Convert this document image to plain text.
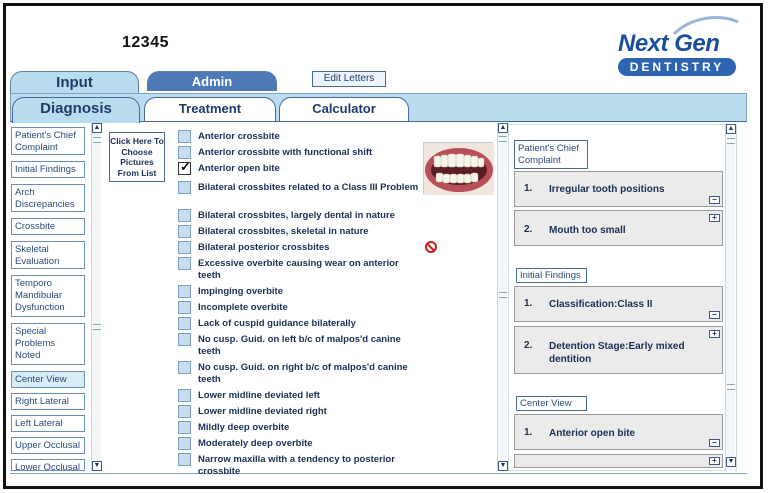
12345	Next Gen
DENTISTRY
Input	Admin	Edit Letters
Diagnosis	Treatment	Calculator
Patient's Chief Complaint
Initial Findings
Arch Discrepancies
Crossbite
Skeletal Evaluation
Temporo Mandibular Dysfunction
Special Problems Noted
Center View
Right Lateral
Left Lateral
Upper Occlusal
Lower Occlusal
▲
▼
Click Here To Choose Pictures From List
Anterior crossbite
Anterior crossbite with functional shift
✓
Anterior open bite
Bilateral crossbites related to a Class III Problem
Bilateral crossbites, largely dental in nature
Bilateral crossbites, skeletal in nature
Bilateral posterior crossbites
Excessive overbite causing wear on anterior teeth
Impinging overbite
Incomplete overbite
Lack of cuspid guidance bilaterally
No cusp. Guid. on left b/c of malpos'd canine teeth
No cusp. Guid. on right b/c of malpos'd canine teeth
Lower midline deviated left
Lower midline deviated right
Mildly deep overbite
Moderately deep overbite
Narrow maxilla with a tendency to posterior crossbite
▲
▼
Patient's Chief Complaint
1. Irregular tooth positions
−
+
2. Mouth too small
Initial Findings
1. Classification:Class II
−
+
2. Detention Stage:Early mixed dentition
Center View
1. Anterior open bite
−
+
▲
▼
